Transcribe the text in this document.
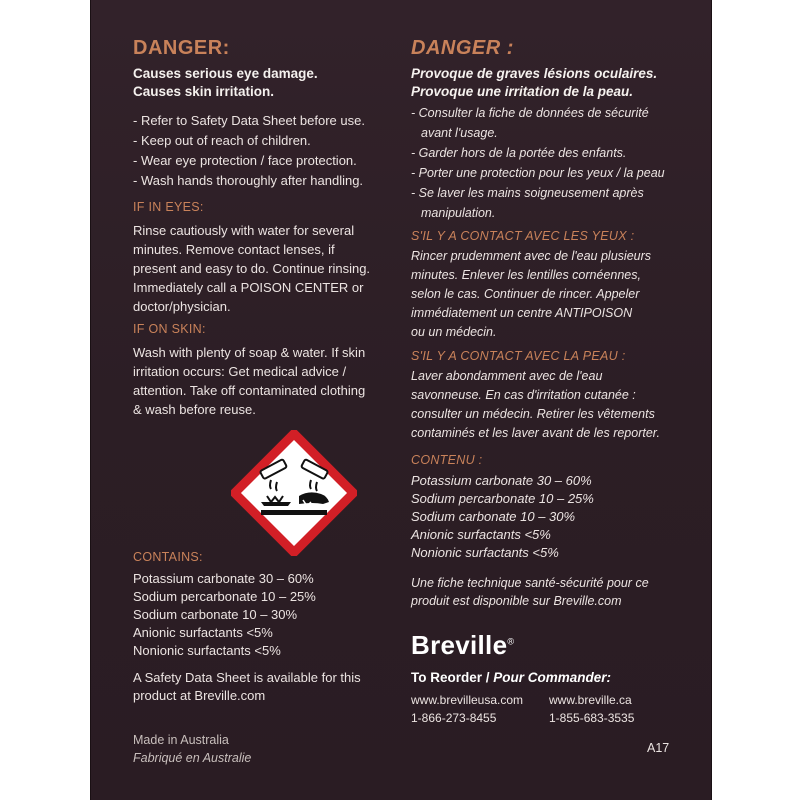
DANGER:
Causes serious eye damage.
Causes skin irritation.
- Refer to Safety Data Sheet before use.
- Keep out of reach of children.
- Wear eye protection / face protection.
- Wash hands thoroughly after handling.
IF IN EYES:
Rinse cautiously with water for several
minutes. Remove contact lenses, if
present and easy to do. Continue rinsing.
Immediately call a POISON CENTER or
doctor/physician.
IF ON SKIN:
Wash with plenty of soap & water. If skin
irritation occurs: Get medical advice /
attention. Take off contaminated clothing
& wash before reuse.
CONTAINS:
Potassium carbonate 30 – 60%
Sodium percarbonate 10 – 25%
Sodium carbonate 10 – 30%
Anionic surfactants <5%
Nonionic surfactants <5%
A Safety Data Sheet is available for this
product at Breville.com
Made in Australia
Fabriqué en Australie
DANGER :
Provoque de graves lésions oculaires.
Provoque une irritation de la peau.
- Consulter la fiche de données de sécurité
avant l'usage.
- Garder hors de la portée des enfants.
- Porter une protection pour les yeux / la peau
- Se laver les mains soigneusement après
manipulation.
S'IL Y A CONTACT AVEC LES YEUX :
Rincer prudemment avec de l'eau plusieurs
minutes. Enlever les lentilles cornéennes,
selon le cas. Continuer de rincer. Appeler
immédiatement un centre ANTIPOISON
ou un médecin.
S'IL Y A CONTACT AVEC LA PEAU :
Laver abondamment avec de l'eau
savonneuse. En cas d'irritation cutanée :
consulter un médecin. Retirer les vêtements
contaminés et les laver avant de les reporter.
CONTENU :
Potassium carbonate 30 – 60%
Sodium percarbonate 10 – 25%
Sodium carbonate 10 – 30%
Anionic surfactants <5%
Nonionic surfactants <5%
Une fiche technique santé-sécurité pour ce
produit est disponible sur Breville.com
Breville®
To Reorder / Pour Commander:
www.brevilleusa.com
1-866-273-8455
www.breville.ca
1-855-683-3535
A17
